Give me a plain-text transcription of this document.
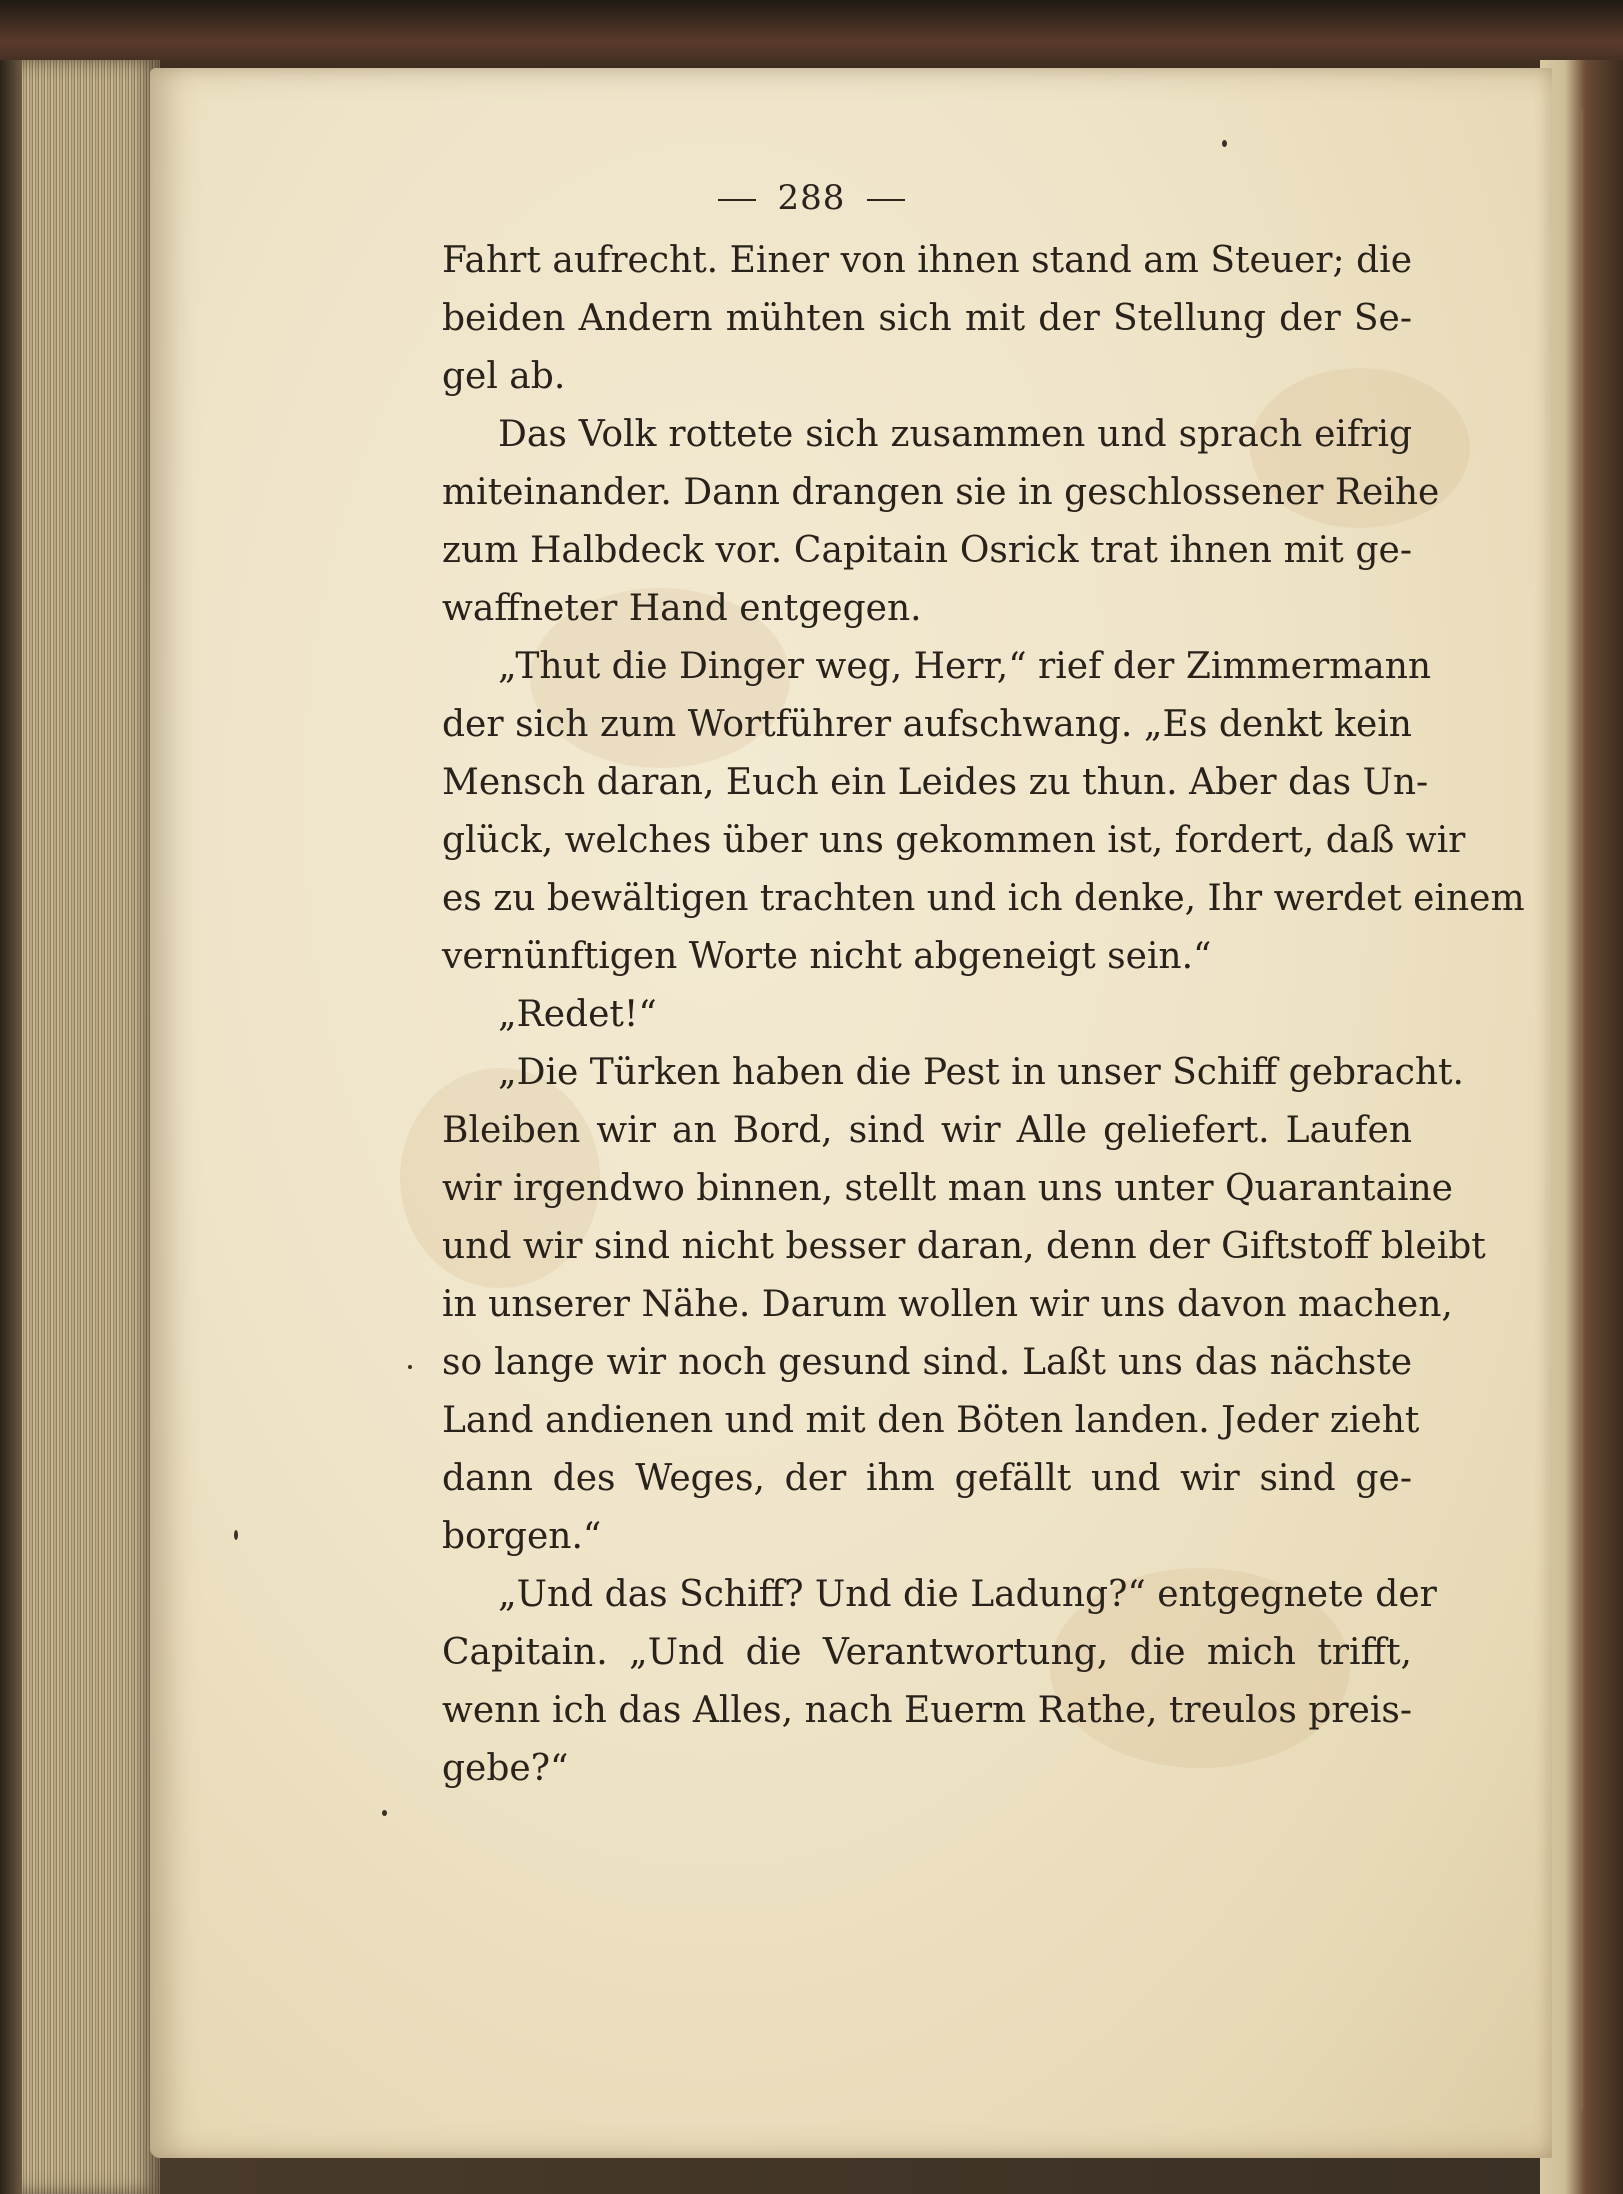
288
Fahrt aufrecht. Einer von ihnen stand am Steuer; die
beiden Andern mühten sich mit der Stellung der Se-
gel ab.
Das Volk rottete sich zusammen und sprach eifrig
miteinander. Dann drangen sie in geschlossener Reihe
zum Halbdeck vor. Capitain Osrick trat ihnen mit ge-
waffneter Hand entgegen.
„Thut die Dinger weg, Herr,“ rief der Zimmermann
der sich zum Wortführer aufschwang. „Es denkt kein
Mensch daran, Euch ein Leides zu thun. Aber das Un-
glück, welches über uns gekommen ist, fordert, daß wir
es zu bewältigen trachten und ich denke, Ihr werdet einem
vernünftigen Worte nicht abgeneigt sein.“
„Redet!“
„Die Türken haben die Pest in unser Schiff gebracht.
Bleiben wir an Bord, sind wir Alle geliefert. Laufen
wir irgendwo binnen, stellt man uns unter Quarantaine
und wir sind nicht besser daran, denn der Giftstoff bleibt
in unserer Nähe. Darum wollen wir uns davon machen,
so lange wir noch gesund sind. Laßt uns das nächste
Land andienen und mit den Böten landen. Jeder zieht
dann des Weges, der ihm gefällt und wir sind ge-
borgen.“
„Und das Schiff? Und die Ladung?“ entgegnete der
Capitain. „Und die Verantwortung, die mich trifft,
wenn ich das Alles, nach Euerm Rathe, treulos preis-
gebe?“
